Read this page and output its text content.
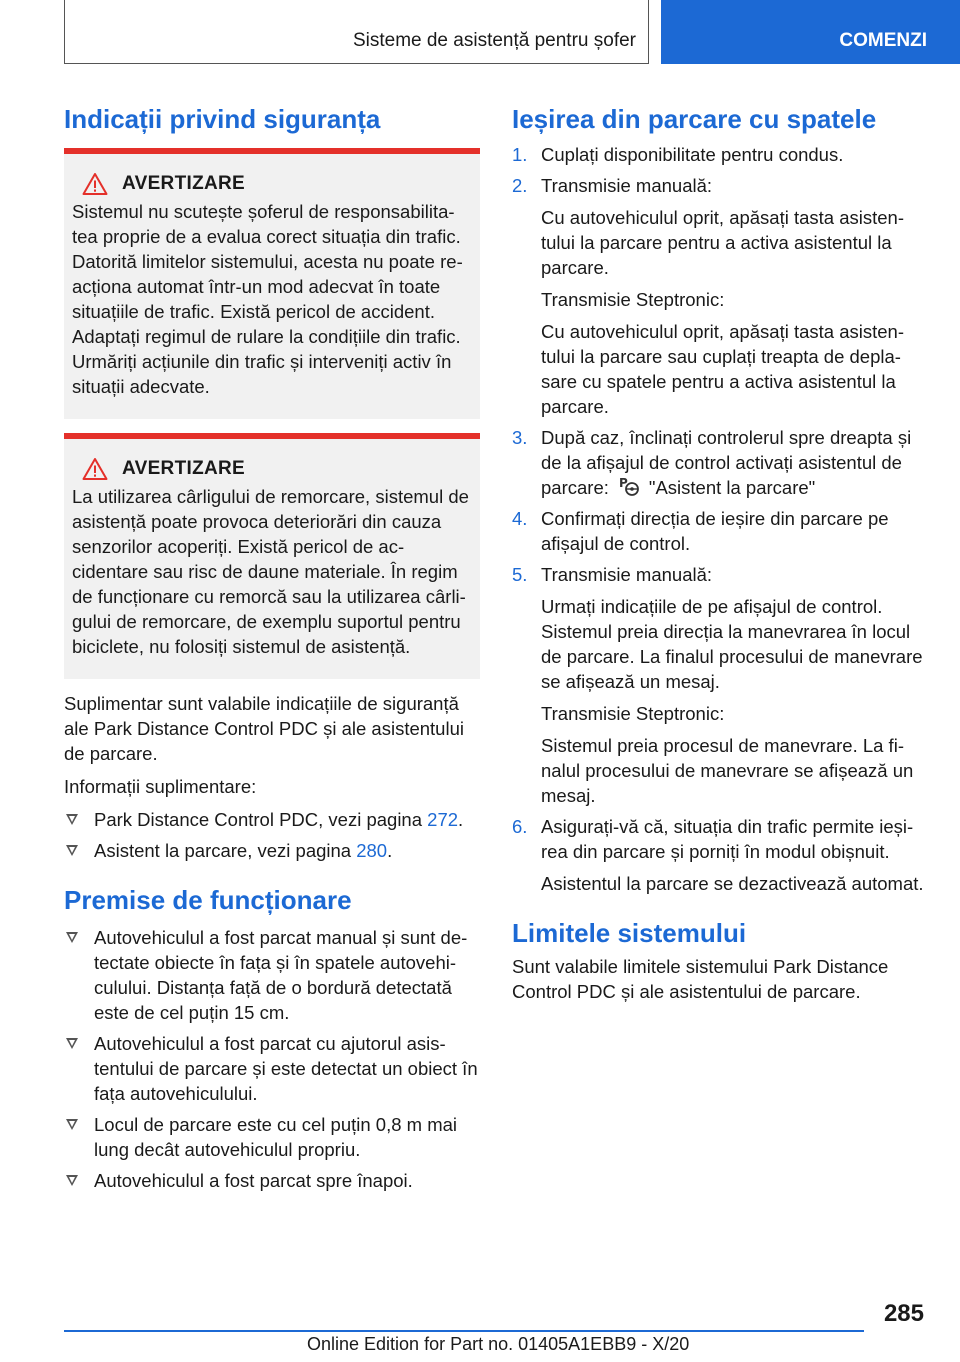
Sisteme de asistență pentru șofer	COMENZI
Indicații privind siguranța
AVERTIZARE

Sistemul nu scutește șoferul de responsabilitatea proprie de a evalua corect situația din trafic. Datorită limitelor sistemului, acesta nu poate reacționa automat într-un mod adecvat în toate situațiile de trafic. Există pericol de accident. Adaptați regimul de rulare la condițiile din trafic. Urmăriți acțiunile din trafic și interveniți activ în situații adecvate.

AVERTIZARE

La utilizarea cârligului de remorcare, sistemul de asistență poate provoca deteriorări din cauza senzorilor acoperiți. Există pericol de accidentare sau risc de daune materiale. În regim de funcționare cu remorcă sau la utilizarea cârligului de remorcare, de exemplu suportul pentru biciclete, nu folosiți sistemul de asistență.

Suplimentar sunt valabile indicațiile de siguranță ale Park Distance Control PDC și ale asistentului de parcare.

Informații suplimentare:

Park Distance Control PDC, vezi pagina 272.
Asistent la parcare, vezi pagina 280.
Premise de funcționare
Autovehiculul a fost parcat manual și sunt detectate obiecte în fața și în spatele autovehiculului. Distanța față de o bordură detectată este de cel puțin 15 cm.
Autovehiculul a fost parcat cu ajutorul asistentului de parcare și este detectat un obiect în fața autovehiculului.
Locul de parcare este cu cel puțin 0,8 m mai lung decât autovehiculul propriu.
Autovehiculul a fost parcat spre înapoi.
Ieșirea din parcare cu spatele
1. Cuplați disponibilitate pentru condus.
2. Transmisie manuală:
Cu autovehiculul oprit, apăsați tasta asistentului la parcare pentru a activa asistentul la parcare.
Transmisie Steptronic:
Cu autovehiculul oprit, apăsați tasta asistentului la parcare sau cuplați treapta de deplasare cu spatele pentru a activa asistentul la parcare.
3. După caz, înclinați controlerul spre dreapta și de la afișajul de control activați asistentul de parcare: P "Asistent la parcare"
4. Confirmați direcția de ieșire din parcare pe afișajul de control.
5. Transmisie manuală:
Urmați indicațiile de pe afișajul de control. Sistemul preia direcția la manevrarea în locul de parcare. La finalul procesului de manevrare se afișează un mesaj.
Transmisie Steptronic:
Sistemul preia procesul de manevrare. La finalul procesului de manevrare se afișează un mesaj.
6. Asigurați-vă că, situația din trafic permite ieșirea din parcare și porniți în modul obișnuit.
Asistentul la parcare se dezactivează automat.
Limitele sistemului

Sunt valabile limitele sistemului Park Distance Control PDC și ale asistentului de parcare.

285
Online Edition for Part no. 01405A1EBB9 - X/20
